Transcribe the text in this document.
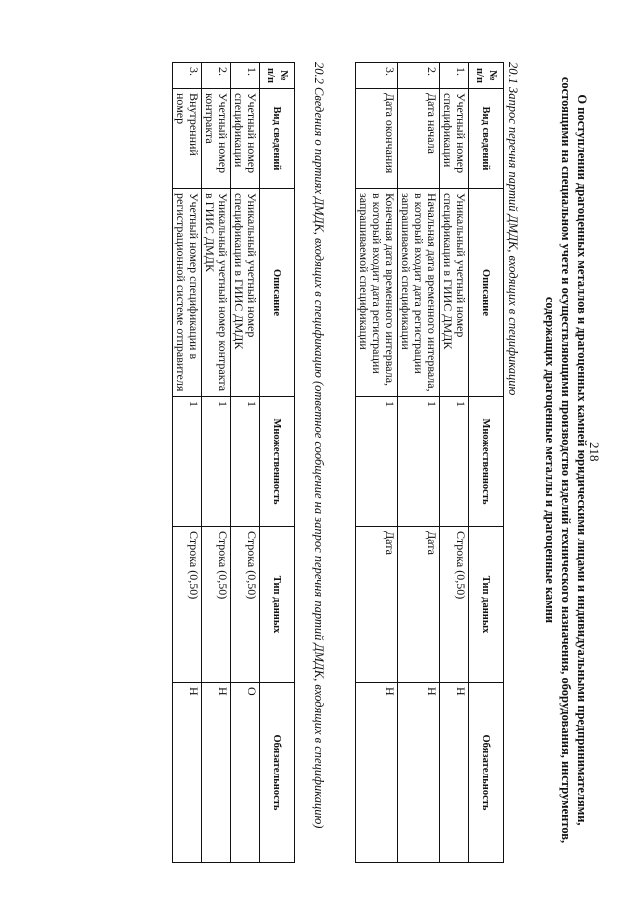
218
О поступлении драгоценных металлов и драгоценных камней юридическими лицами и индивидуальными предпринимателями, состоящими на специальном учете и осуществляющими производство изделий технического назначения, оборудования, инструментов, содержащих драгоценные металлы и драгоценные камни
20.1 Запрос перечня партий ДМДК, входящих в спецификацию
№ п/п	Вид сведений	Описание	Множественность	Тип данных	Обязательность
1.	Учетный номер спецификации	Уникальный учетный номер спецификации в ГИИС ДМДК	1	Строка (0,50)	Н
2.	Дата начала	Начальная дата временного интервала, в который входит дата регистрации запрашиваемой спецификации	1	Дата	Н
3.	Дата окончания	Конечная дата временного интервала, в который входит дата регистрации запрашиваемой спецификации	1	Дата	Н
20.2 Сведения о партиях ДМДК, входящих в спецификацию (ответное сообщение на запрос перечня партий ДМДК, входящих в спецификацию)
№ п/п	Вид сведений	Описание	Множественность	Тип данных	Обязательность
1.	Учетный номер спецификации	Уникальный учетный номер спецификации в ГИИС ДМДК	1	Строка (0,50)	О
2.	Учетный номер контракта	Уникальный учетный номер контракта в ГИИС ДМДК	1	Строка (0,50)	Н
3.	Внутренний номер	Учетный номер спецификации в регистрационной системе отправителя	1	Строка (0,50)	Н
